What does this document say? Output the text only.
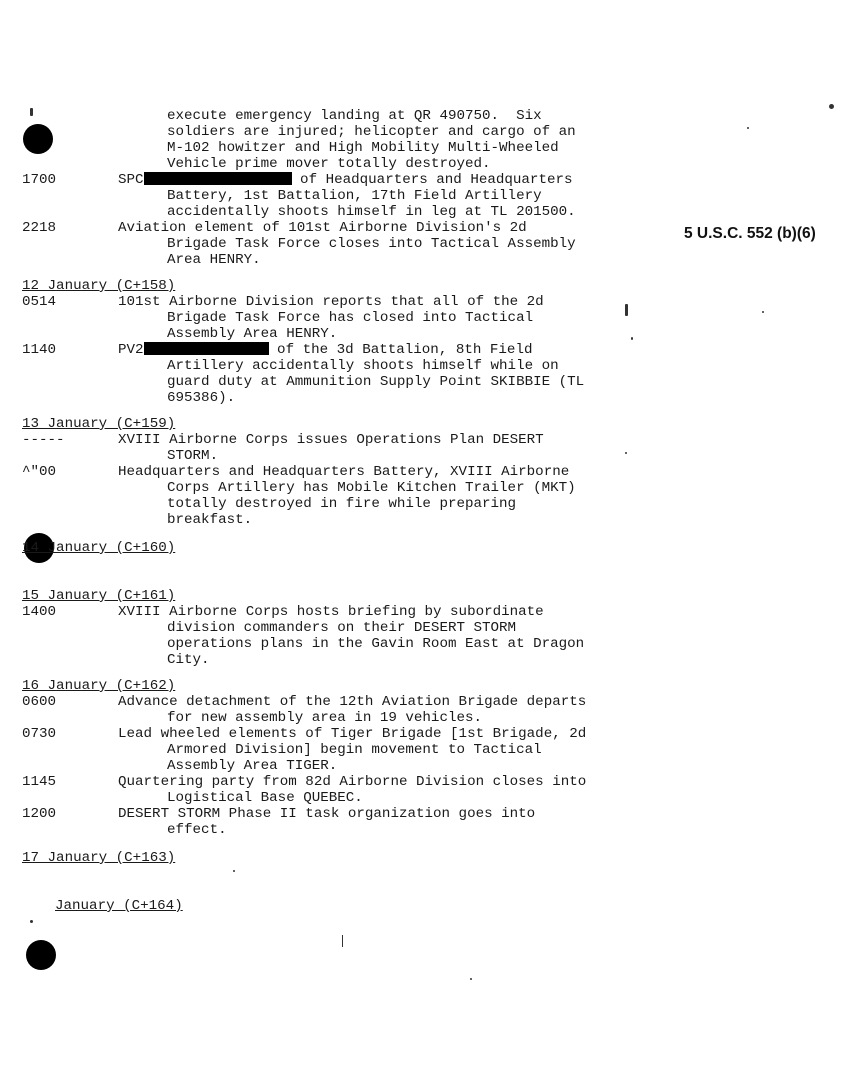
5 U.S.C. 552 (b)(6)
execute emergency landing at QR 490750.  Six
soldiers are injured; helicopter and cargo of an
M-102 howitzer and High Mobility Multi-Wheeled
Vehicle prime mover totally destroyed.
1700	SPC	of Headquarters and Headquarters
Battery, 1st Battalion, 17th Field Artillery
accidentally shoots himself in leg at TL 201500.
2218	Aviation element of 101st Airborne Division's 2d
Brigade Task Force closes into Tactical Assembly
Area HENRY.
12 January (C+158)
0514	101st Airborne Division reports that all of the 2d
Brigade Task Force has closed into Tactical
Assembly Area HENRY.
1140	PV2	of the 3d Battalion, 8th Field
Artillery accidentally shoots himself while on
guard duty at Ammunition Supply Point SKIBBIE (TL
695386).
13 January (C+159)
-----	XVIII Airborne Corps issues Operations Plan DESERT
STORM.
^"00	Headquarters and Headquarters Battery, XVIII Airborne
Corps Artillery has Mobile Kitchen Trailer (MKT)
totally destroyed in fire while preparing
breakfast.
14 January (C+160)
15 January (C+161)
1400	XVIII Airborne Corps hosts briefing by subordinate
division commanders on their DESERT STORM
operations plans in the Gavin Room East at Dragon
City.
16 January (C+162)
0600	Advance detachment of the 12th Aviation Brigade departs
for new assembly area in 19 vehicles.
0730	Lead wheeled elements of Tiger Brigade [1st Brigade, 2d
Armored Division] begin movement to Tactical
Assembly Area TIGER.
1145	Quartering party from 82d Airborne Division closes into
Logistical Base QUEBEC.
1200	DESERT STORM Phase II task organization goes into
effect.
17 January (C+163)
January (C+164)
